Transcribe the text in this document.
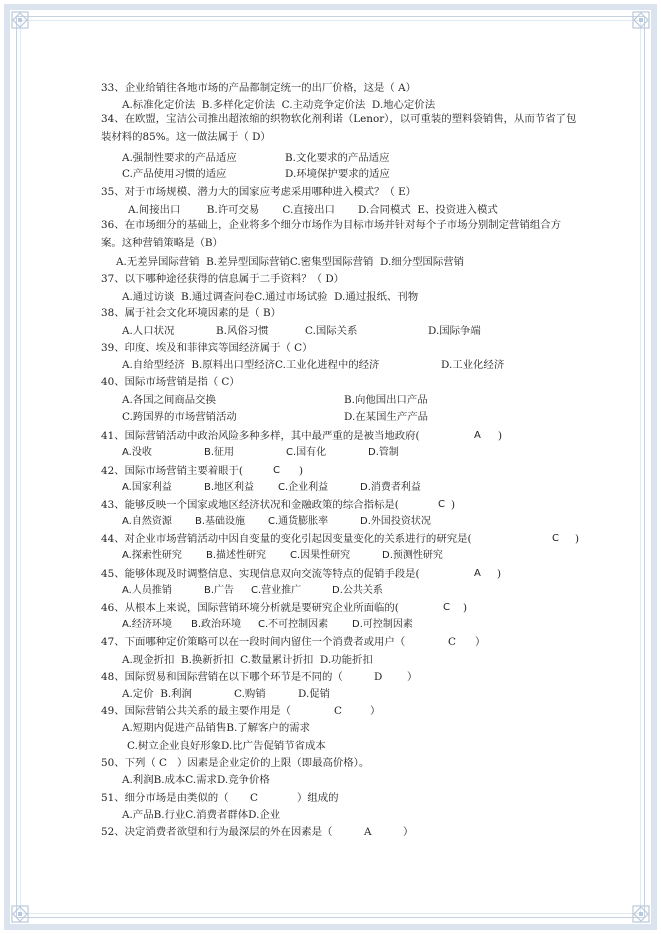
33、企业给销往各地市场的产品都制定统一的出厂价格，这是（ A）
A.标准化定价法  B.多样化定价法  C.主动竞争定价法  D.地心定价法
34、在欧盟，宝洁公司推出超浓缩的织物软化剂利诺（Lenor），以可重装的塑料袋销售，从而节省了包装材料的85%。这一做法属于（ D）
A.强制性要求的产品适应	B.文化要求的产品适应
C.产品使用习惯的适应	D.环境保护要求的适应
35、对于市场规模、潜力大的国家应考虑采用哪种进入模式？（ E）
A.间接出口        B.许可交易       C.直接出口       D.合同模式  E、投资进入模式
36、在市场细分的基础上，企业将多个细分市场作为目标市场并针对每个子市场分别制定营销组合方案。这种营销策略是（B）
A.无差异国际营销  B.差异型国际营销C.密集型国际营销  D.细分型国际营销
37、以下哪种途径获得的信息属于二手资料？（ D）
A.通过访谈  B.通过调查问卷C.通过市场试验  D.通过报纸、刊物
38、属于社会文化环境因素的是（ B）
A.人口状况	B.风俗习惯	C.国际关系	D.国际争端
39、印度、埃及和菲律宾等国经济属于（ C）
A.自给型经济  B.原料出口型经济C.工业化进程中的经济	D.工业化经济
40、国际市场营销是指（ C）
A.各国之间商品交换	B.向他国出口产品
C.跨国界的市场营销活动	D.在某国生产产品
41、国际营销活动中政治风险多种多样，其中最严重的是被当地政府(	A )
A.没收	B.征用	C.国有化	D.管制
42、国际市场营销主要着眼于(	C )
A.国家利益	B.地区利益 C.企业利益	D.消费者利益
43、能够反映一个国家或地区经济状况和金融政策的综合指标是(	C )
A.自然资源 B.基础设施 C.通货膨胀率	D.外国投资状况
44、对企业市场营销活动中因自变量的变化引起因变量变化的关系进行的研究是(	C )
A.探索性研究 B.描述性研究 C.因果性研究	D.预测性研究
45、能够体现及时调整信息、实现信息双向交流等特点的促销手段是(	A )
A.人员推销	B.广告 C.营业推广	D.公共关系
46、从根本上来说，国际营销环境分析就是要研究企业所面临的(	C )
A.经济环境 B.政治环境 C.不可控制因素 D.可控制因素
47、下面哪种定价策略可以在一段时间内留住一个消费者或用户（	C ）
A.现金折扣  B.换新折扣  C.数量累计折扣  D.功能折扣
48、国际贸易和国际营销在以下哪个环节是不同的（	D ）
A.定价  B.利润	C.购销	D.促销
49、国际营销公共关系的最主要作用是（	C	）
A.短期内促进产品销售B.了解客户的需求
C.树立企业良好形象D.比广告促销节省成本
50、下列（ C ）因素是企业定价的上限（即最高价格）。
A.利润B.成本C.需求D.竞争价格
51、细分市场是由类似的（ C	）组成的
A.产品B.行业C.消费者群体D.企业
52、决定消费者欲望和行为最深层的外在因素是（	A	）
